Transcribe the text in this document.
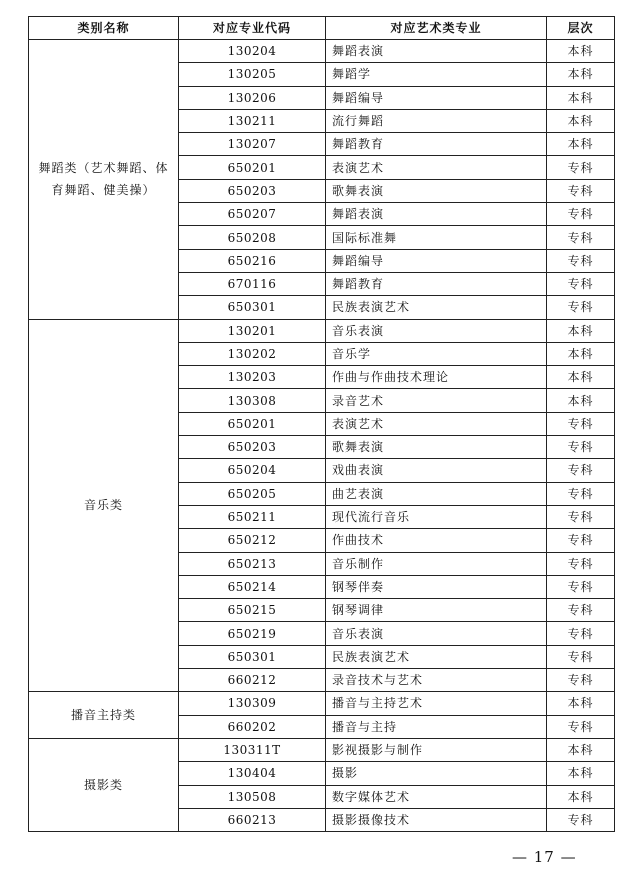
类别名称	对应专业代码	对应艺术类专业	层次
舞蹈类（艺术舞蹈、体育舞蹈、健美操）	130204	舞蹈表演	本科
	130205	舞蹈学	本科
	130206	舞蹈编导	本科
	130211	流行舞蹈	本科
	130207	舞蹈教育	本科
	650201	表演艺术	专科
	650203	歌舞表演	专科
	650207	舞蹈表演	专科
	650208	国际标准舞	专科
	650216	舞蹈编导	专科
	670116	舞蹈教育	专科
	650301	民族表演艺术	专科
音乐类	130201	音乐表演	本科
	130202	音乐学	本科
	130203	作曲与作曲技术理论	本科
	130308	录音艺术	本科
	650201	表演艺术	专科
	650203	歌舞表演	专科
	650204	戏曲表演	专科
	650205	曲艺表演	专科
	650211	现代流行音乐	专科
	650212	作曲技术	专科
	650213	音乐制作	专科
	650214	钢琴伴奏	专科
	650215	钢琴调律	专科
	650219	音乐表演	专科
	650301	民族表演艺术	专科
	660212	录音技术与艺术	专科
播音主持类	130309	播音与主持艺术	本科
	660202	播音与主持	专科
摄影类	130311T	影视摄影与制作	本科
	130404	摄影	本科
	130508	数字媒体艺术	本科
	660213	摄影摄像技术	专科
— 17 —
